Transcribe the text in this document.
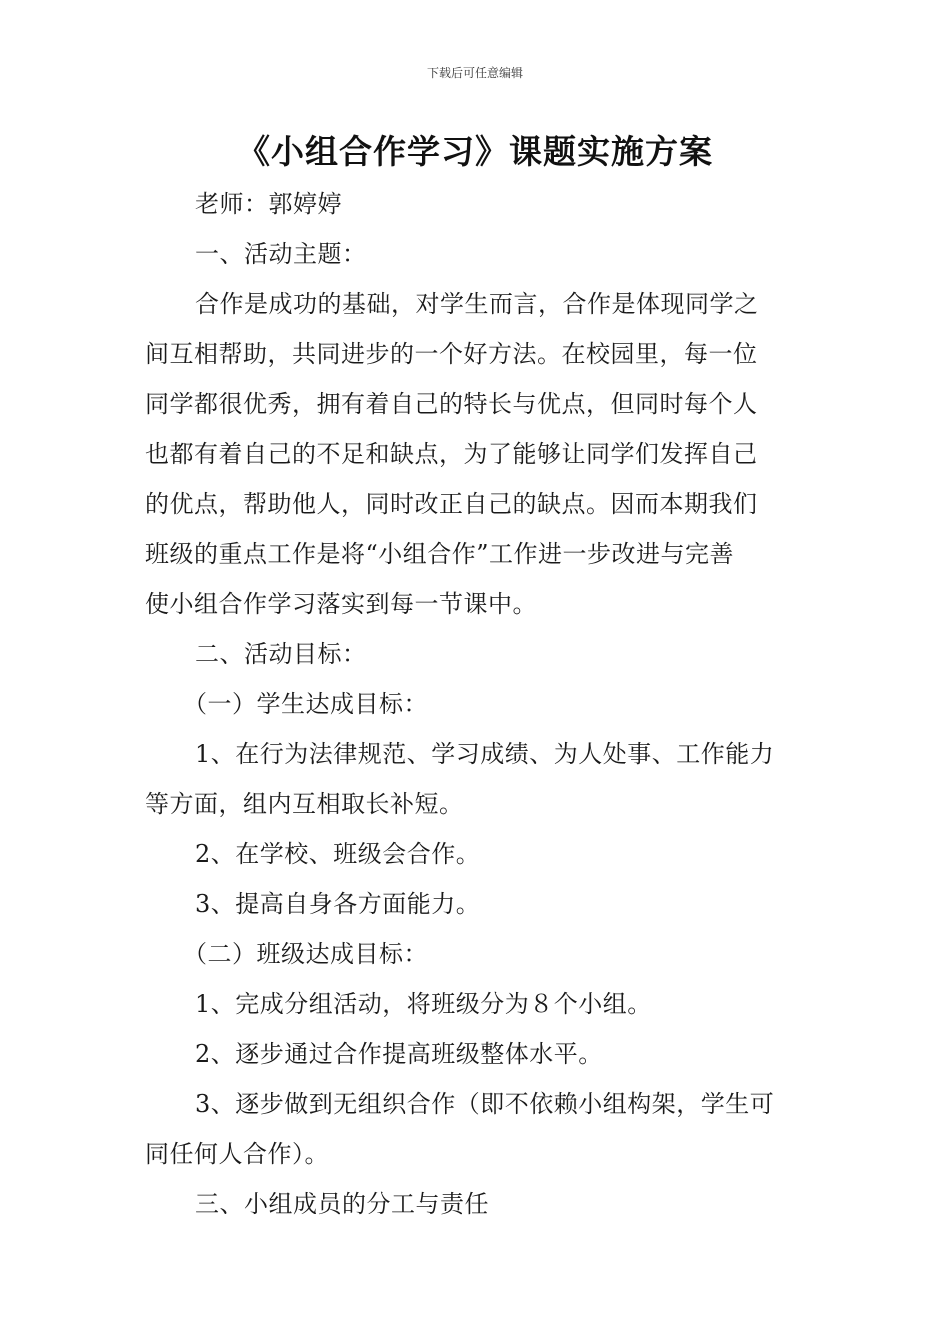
下载后可任意编辑
《小组合作学习》课题实施方案
老师：郭婷婷
一、活动主题：
合作是成功的基础，对学生而言，合作是体现同学之
间互相帮助，共同进步的一个好方法。在校园里，每一位
同学都很优秀，拥有着自己的特长与优点，但同时每个人
也都有着自己的不足和缺点，为了能够让同学们发挥自己
的优点，帮助他人，同时改正自己的缺点。因而本期我们
班级的重点工作是将“小组合作”工作进一步改进与完善
使小组合作学习落实到每一节课中。
二、活动目标：
（一）学生达成目标：
1、在行为法律规范、学习成绩、为人处事、工作能力
等方面，组内互相取长补短。
2、在学校、班级会合作。
3、提高自身各方面能力。
（二）班级达成目标：
1、完成分组活动，将班级分为８个小组。
2、逐步通过合作提高班级整体水平。
3、逐步做到无组织合作（即不依赖小组构架，学生可
同任何人合作）。
三、小组成员的分工与责任
